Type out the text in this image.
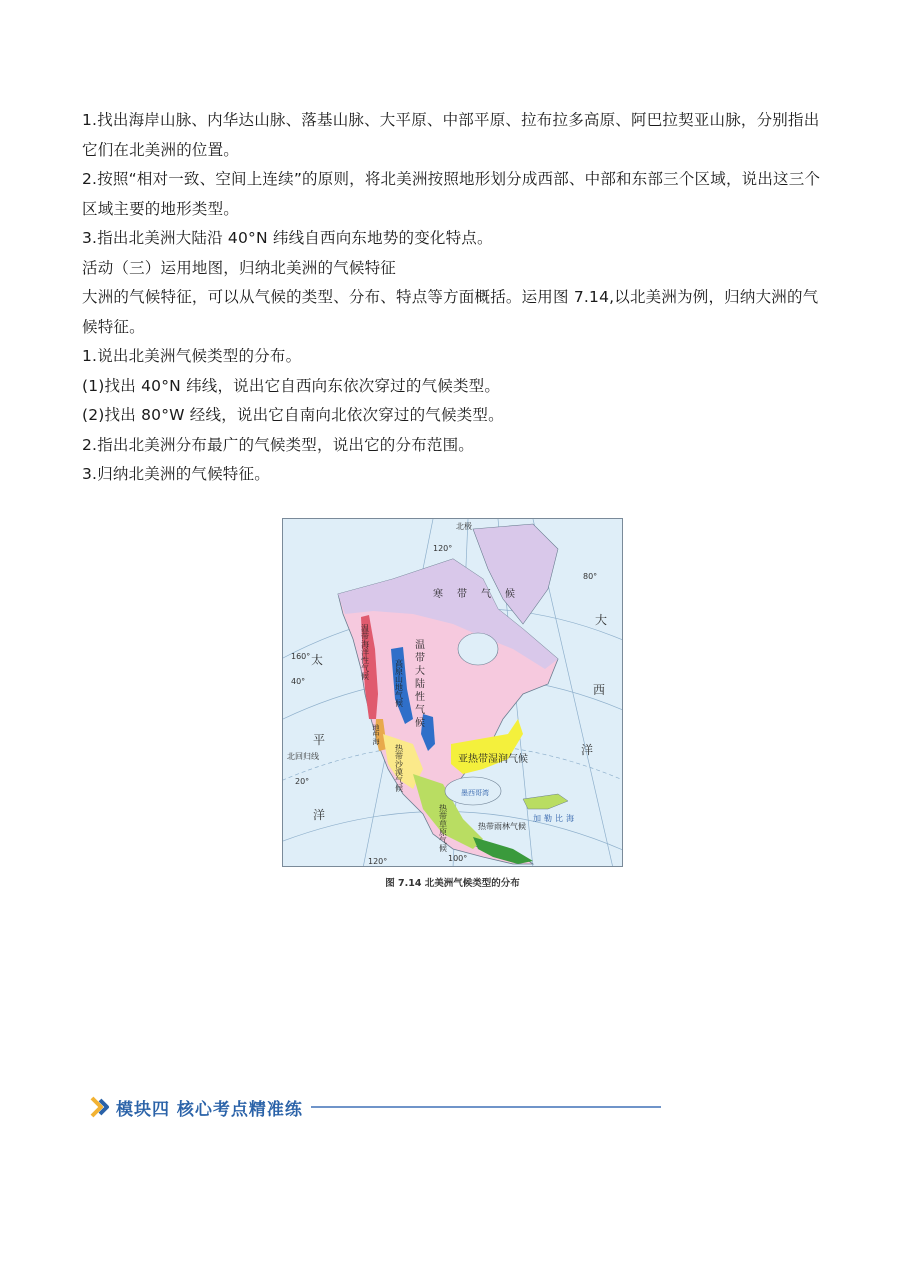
1.找出海岸山脉、内华达山脉、落基山脉、大平原、中部平原、拉布拉多高原、阿巴拉契亚山脉，分别指出它们在北美洲的位置。

2.按照“相对一致、空间上连续”的原则，将北美洲按照地形划分成西部、中部和东部三个区域，说出这三个区域主要的地形类型。

3.指出北美洲大陆沿 40°N 纬线自西向东地势的变化特点。

活动（三）运用地图，归纳北美洲的气候特征

大洲的气候特征，可以从气候的类型、分布、特点等方面概括。运用图 7.14,以北美洲为例，归纳大洲的气候特征。

1.说出北美洲气候类型的分布。

(1)找出 40°N 纬线，说出它自西向东依次穿过的气候类型。

(2)找出 80°W 经线，说出它自南向北依次穿过的气候类型。

2.指出北美洲分布最广的气候类型，说出它的分布范围。

3.归纳北美洲的气候特征。

北极
120°
160°
40°
20°
北回归线
120°	100°
80°
太
平
洋
大
西
洋
寒带气候
温带大陆性气候
亚热带湿润气候
墨西哥湾
加勒比海
温带海洋性气候
高原山地气候
热带沙漠气候
热带草原气候	热带雨林气候
地中海
图 7.14 北美洲气候类型的分布
模块四 核心考点精准练
